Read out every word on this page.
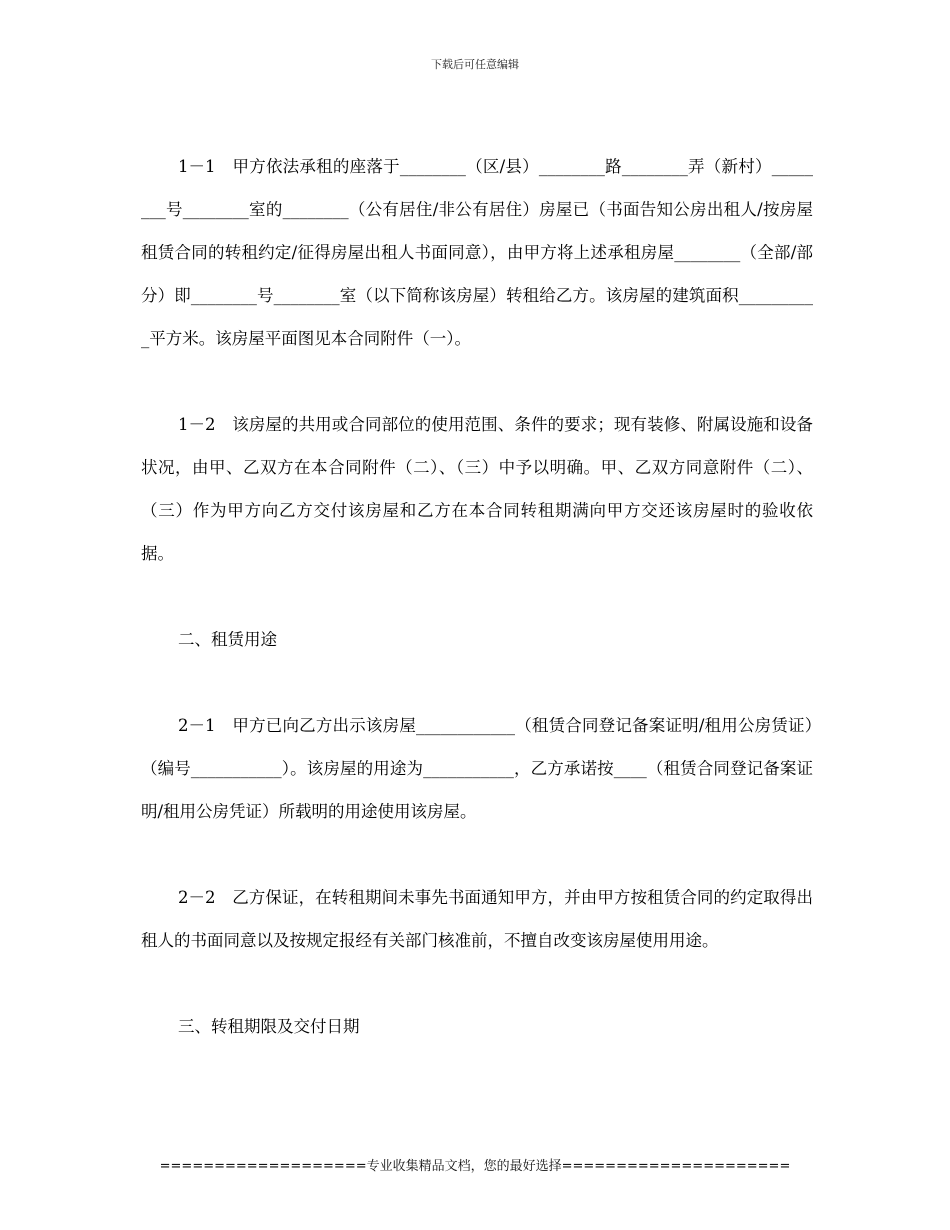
下载后可任意编辑

1－1　甲方依法承租的座落于________（区/县）________路________弄（新村）________号________室的________（公有居住/非公有居住）房屋已（书面告知公房出租人/按房屋租赁合同的转租约定/征得房屋出租人书面同意），由甲方将上述承租房屋________（全部/部分）即________号________室（以下简称该房屋）转租给乙方。该房屋的建筑面积__________平方米。该房屋平面图见本合同附件（一）。

1－2　该房屋的共用或合同部位的使用范围、条件的要求；现有装修、附属设施和设备状况，由甲、乙双方在本合同附件（二）、（三）中予以明确。甲、乙双方同意附件（二）、（三）作为甲方向乙方交付该房屋和乙方在本合同转租期满向甲方交还该房屋时的验收依据。

二、租赁用途

2－1　甲方已向乙方出示该房屋____________（租赁合同登记备案证明/租用公房赁证）（编号___________）。该房屋的用途为___________，乙方承诺按____（租赁合同登记备案证明/租用公房凭证）所载明的用途使用该房屋。

2－2　乙方保证，在转租期间未事先书面通知甲方，并由甲方按租赁合同的约定取得出租人的书面同意以及按规定报经有关部门核准前，不擅自改变该房屋使用用途。

三、转租期限及交付日期

===================专业收集精品文档，您的最好选择=====================
